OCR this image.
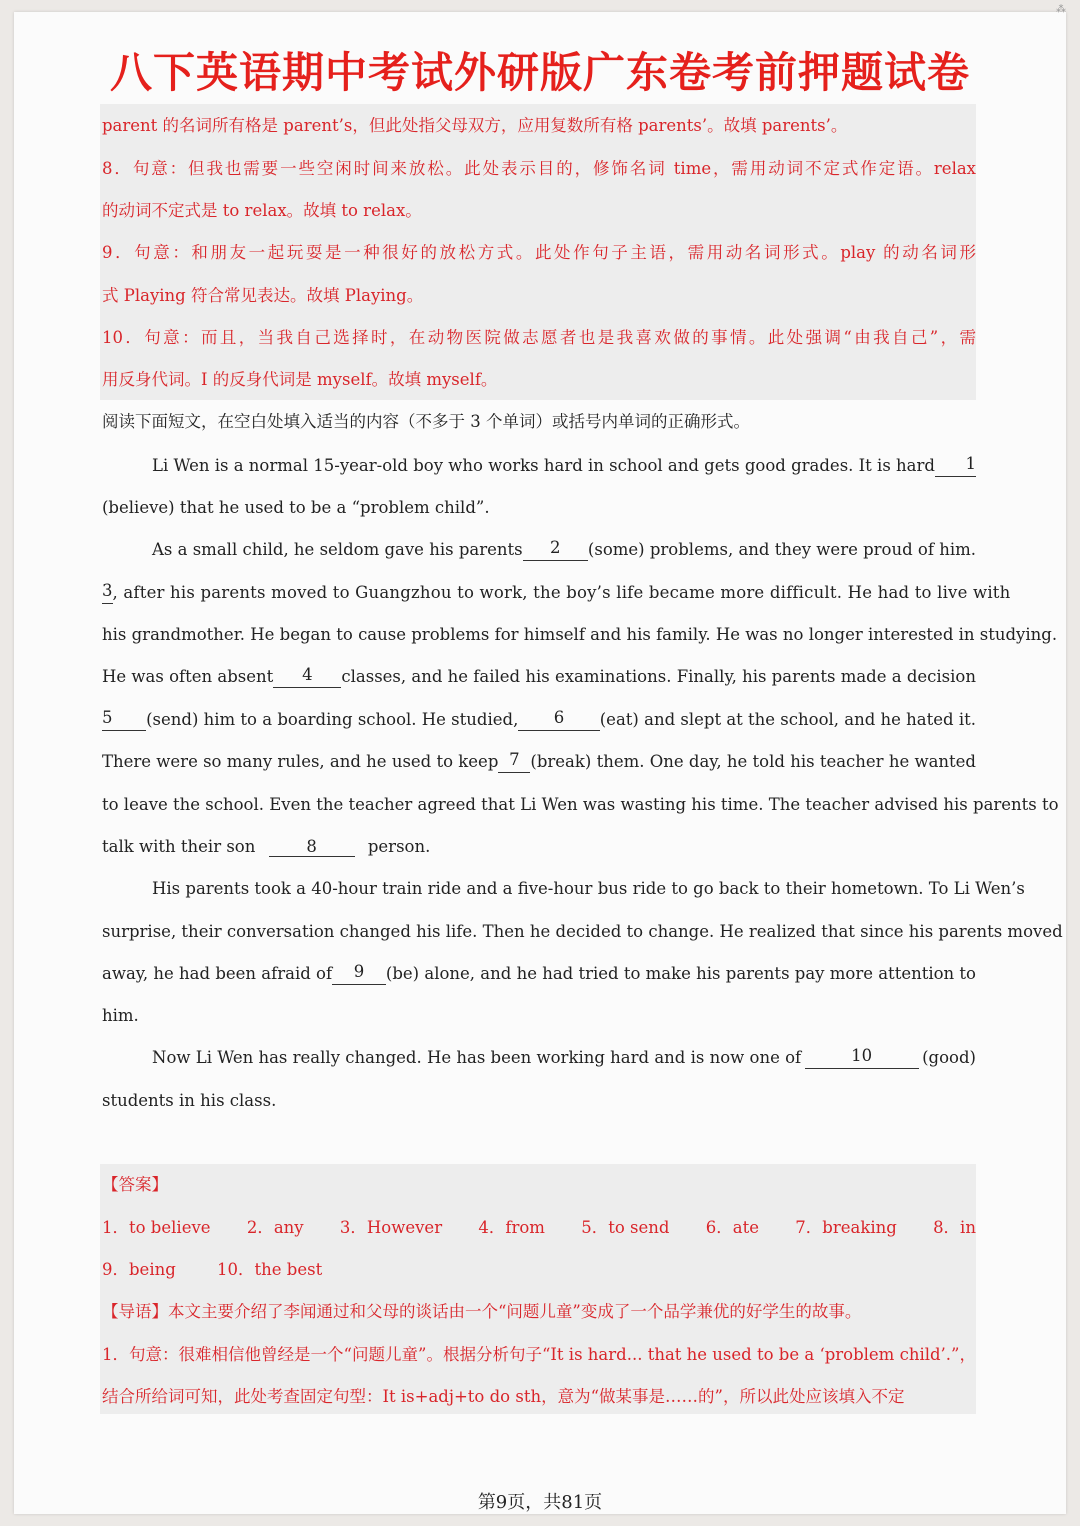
⁂
八下英语期中考试外研版广东卷考前押题试卷
parent 的名词所有格是 parent’s，但此处指父母双方，应用复数所有格 parents’。故填 parents’。
8．句意：但我也需要一些空闲时间来放松。此处表示目的，修饰名词 time，需用动词不定式作定语。relax
的动词不定式是 to relax。故填 to relax。
9．句意：和朋友一起玩耍是一种很好的放松方式。此处作句子主语，需用动名词形式。play 的动名词形
式 Playing 符合常见表达。故填 Playing。
10．句意：而且，当我自己选择时，在动物医院做志愿者也是我喜欢做的事情。此处强调“由我自己”，需
用反身代词。I 的反身代词是 myself。故填 myself。
阅读下面短文，在空白处填入适当的内容（不多于 3 个单词）或括号内单词的正确形式。
Li Wen is a normal 15-year-old boy who works hard in school and gets good grades. It is hard	1
(believe) that he used to be a “problem child”.
As a small child, he seldom gave his parents	2	(some) problems, and they were proud of him.
3 , after his parents moved to Guangzhou to work, the boy’s life became more difficult. He had to live with
his grandmother. He began to cause problems for himself and his family. He was no longer interested in studying.
He was often absent	4	classes, and he failed his examinations. Finally, his parents made a decision
5	(send) him to a boarding school. He studied,	6	(eat) and slept at the school, and he hated it.
There were so many rules, and he used to keep 7 (break) them. One day, he told his teacher he wanted
to leave the school. Even the teacher agreed that Li Wen was wasting his time. The teacher advised his parents to
talk with their son	8	person.
His parents took a 40-hour train ride and a five-hour bus ride to go back to their hometown. To Li Wen’s
surprise, their conversation changed his life. Then he decided to change. He realized that since his parents moved
away, he had been afraid of	9	(be) alone, and he had tried to make his parents pay more attention to
him.
Now Li Wen has really changed. He has been working hard and is now one of	10	(good)
students in his class.
【答案】
1．to believe 2．any 3．However 4．from 5．to send 6．ate 7．breaking 8．in
9．being	10．the best
【导语】本文主要介绍了李闻通过和父母的谈话由一个“问题儿童”变成了一个品学兼优的好学生的故事。
1．句意：很难相信他曾经是一个“问题儿童”。根据分析句子“It is hard... that he used to be a ‘problem child’.”，
结合所给词可知，此处考查固定句型：It is+adj+to do sth，意为“做某事是……的”，所以此处应该填入不定
第9页，共81页
